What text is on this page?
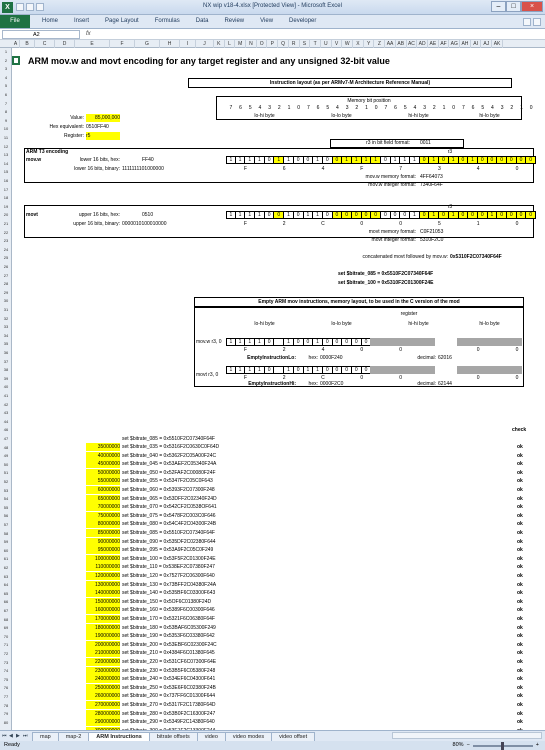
X	NX wip v18-4.xlsx [Protected View] - Microsoft Excel	–	□	×
File	Home	Insert	Page Layout	Formulas	Data	Review	View	Developer
A2	fx
A	B	C	D	E	F	G	H	I	J	K	L	M	N	O	P	Q	R	S	T	U	V	W	X	Y	Z	AA AB AC AD AE AF AG AH AI	AJ AK
1
2
3
4
5
6
7
8
9
10
11
12
13
14
15
16
17
18
19
20
21
22
23
24
25
26
27
28
29
30
31
32
33
34
35
36
37
38
39
40
41
42
43
44
46
47
48
49
50
51
52
53
54
55
56
57
58
59
60
61
62
63
64
65
66
67
68
69
70
71
72
73
74
75
76
77
78
79
80
ARM mov.w and movt encoding for any target register and any unsigned 32-bit value
Value:	85,000,000
Hex equivalent: 0510FF40
Register: r5
Instruction layout (as per ARMv7-M Architecture Reference Manual)
Memory bit position
7	6	5	4	3	2	1	0	7	6	5	4	3	2	1	0	7	6	5	4	3	2	1	0	7	6	5	4	3	2	1	0
lo-hi byte	lo-lo byte	hi-hi byte	hi-lo byte
r3 in bit field format: 0011
ARM T3 encoding	r3
mov.w	lower 16 bits, hex:	FF40
lower 16 bits, binary: 1111111101000000
1	1	1	1	0	1	1	0	0	1	0	0	1	1	1	1	0	1	1	1	0	1	0	1	0	1	0	0	0	0	0	0
F	6	4	F	7	3	4	0
mov.w memory format: 4FF64073
mov.w integer format: 7340F64F
r3
movt	upper 16 bits, hex:	0510
upper 16 bits, binary: 0000010100010000
1	1	1	1	0	0	1	0	1	1	0	0	0	0	0	0	0	0	0	1	0	1	0	1	0	0	0	1	0	0	0	0
F	2	C	0	0	5	1	0
movt memory format: C0F21053
movt integer format: 5310F2C0
concatenated movt followed by mov.w: 0x5310F2C07340F64F
set $bitrate_085 = 0x5510F2C07340F64F
set $bitrate_100 = 0x5310F2C01300F24E
Empty ARM mov instructions, memory layout, to be used in the C version of the mod
register
lo-hi byte	lo-lo byte	hi-hi byte	hi-lo byte
mov.w r3, 0	1	1	1	1	0	1	0	0	1	0	0	0	0	0
F	2	4	0	0	0	0
EmptyInstructionLo:	hex: 0000F240	decimal: 62016
movt r3, 0
1	1	1	1	0	1	0	1	1	0	0	0	0	0
F	2	C	0	0	0	0
EmptyInstructionHi:	hex: 0000F2C0	decimal: 62144
check
set $bitrate_085 = 0x5510F2C07340F64F
35000000 set $bitrate_035 = 0x5316F2C0630C0F64D	ok
40000000 set $bitrate_040 = 0x5362F2C05A00F24C	ok
45000000 set $bitrate_045 = 0x53AEF2C05340F24A	ok
50000000 set $bitrate_050 = 0x52FAF2C00080F24F	ok
55000000 set $bitrate_055 = 0x5347F2C05C0F643	ok
60000000 set $bitrate_060 = 0x5393F2C07300F248	ok
65000000 set $bitrate_065 = 0x53DFF2C02340F24D	ok
70000000 set $bitrate_070 = 0x542CF2C0538OF641	ok
75000000 set $bitrate_075 = 0x5478F2C003C0F646	ok
80000000 set $bitrate_080 = 0x54C4F2C04300F24B	ok
85000000 set $bitrate_085 = 0x5510F2C07340F64F	ok
90000000 set $bitrate_090 = 0x535DF2C02380F644	ok
95000000 set $bitrate_095 = 0x53A9F2C05C0F249	ok
100000000 set $bitrate_100 = 0x53F5F2C01300F24E	ok
110000000 set $bitrate_110 = 0x538EF2C07380F247	ok
120000000 set $bitrate_120 = 0x7527F2C06300F640	ok
130000000 set $bitrate_130 = 0x73BFF2C04380F24A	ok
140000000 set $bitrate_140 = 0x535BF6C03300F643	ok
150000000 set $bitrate_150 = 0x5OF6C01380F24D	ok
160000000 set $bitrate_160 = 0x5389F6C00300F646	ok
170000000 set $bitrate_170 = 0x5321F6C06380F64F	ok
180000000 set $bitrate_180 = 0x53BAF6C05300F249	ok
190000000 set $bitrate_190 = 0x5353F6C03380F642	ok
200000000 set $bitrate_200 = 0x53EBF6C02300F24C	ok
210000000 set $bitrate_210 = 0x4384F6C01380F645	ok
220000000 set $bitrate_220 = 0x531CF6C07300F64E	ok
230000000 set $bitrate_230 = 0x53B5F6C05380F248	ok
240000000 set $bitrate_240 = 0x534EF6C04300F641	ok
250000000 set $bitrate_250 = 0x53E6F6C02380F24B	ok
260000000 set $bitrate_260 = 0x737FF6C01300F644	ok
270000000 set $bitrate_270 = 0x5317F2C17380F64D	ok
280000000 set $bitrate_280 = 0x53B0F2C16300F247	ok
290000000 set $bitrate_290 = 0x5349F2C14380F640	ok
⏮ ◀ ▶ ⏭	map	map-2	ARM Instructions	bitrate offsets	video	video modes	video offset
Ready	80% −	+
